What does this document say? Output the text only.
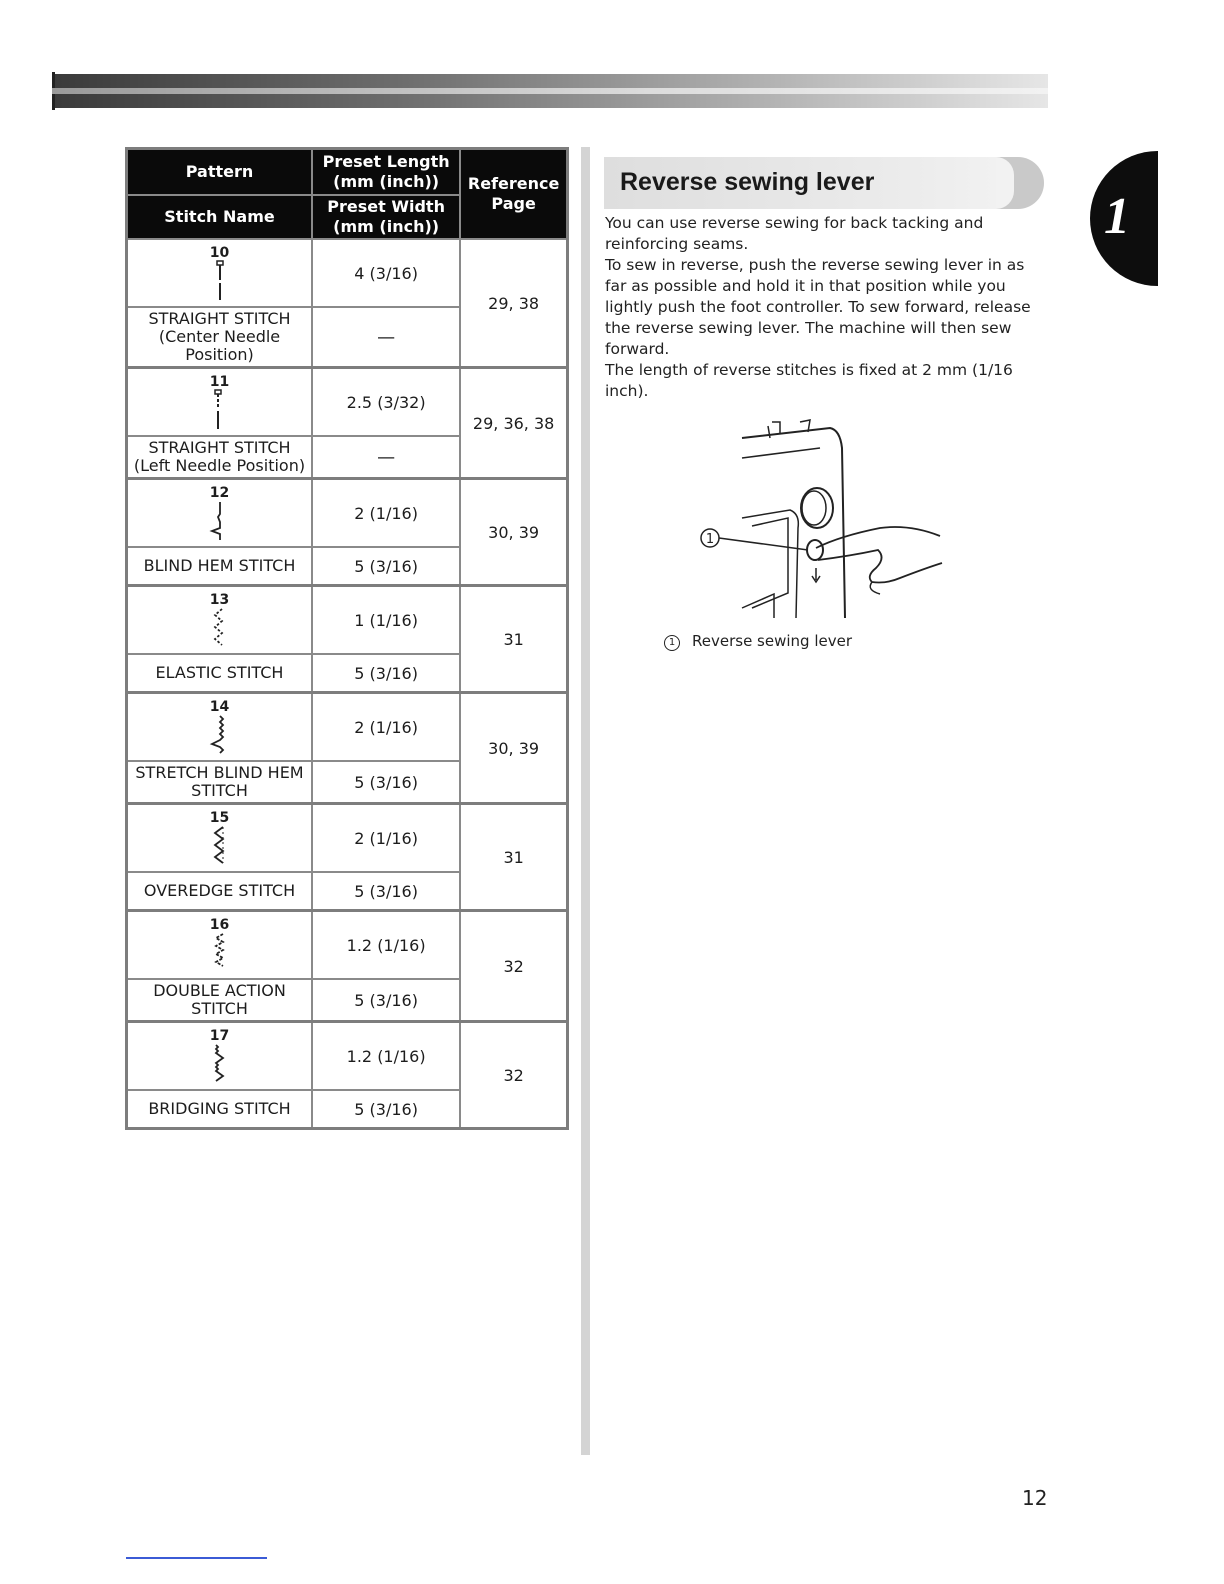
Pattern	Preset Length (mm (inch))	Reference Page
Stitch Name	Preset Width (mm (inch))	

10	4 (3/16)	29, 38
STRAIGHT STITCH (Center Needle Position)	—	

11	2.5 (3/32)	29, 36, 38
STRAIGHT STITCH (Left Needle Position)	—	

12	2 (1/16)	30, 39
BLIND HEM STITCH	5 (3/16)	

13	1 (1/16)	31
ELASTIC STITCH	5 (3/16)	

14	2 (1/16)	30, 39
STRETCH BLIND HEM STITCH	5 (3/16)	

15	2 (1/16)	31
OVEREDGE STITCH	5 (3/16)	

16	1.2 (1/16)	32
DOUBLE ACTION STITCH	5 (3/16)	

17	1.2 (1/16)	32
BRIDGING STITCH	5 (3/16)	
Reverse sewing lever

You can use reverse sewing for back tacking and reinforcing seams.

To sew in reverse, push the reverse sewing lever in as far as possible and hold it in that position while you lightly push the foot controller. To sew forward, release the reverse sewing lever. The machine will then sew forward.

The length of reverse stitches is fixed at 2 mm (1/16 inch).

1
1 Reverse sewing lever
1
12
